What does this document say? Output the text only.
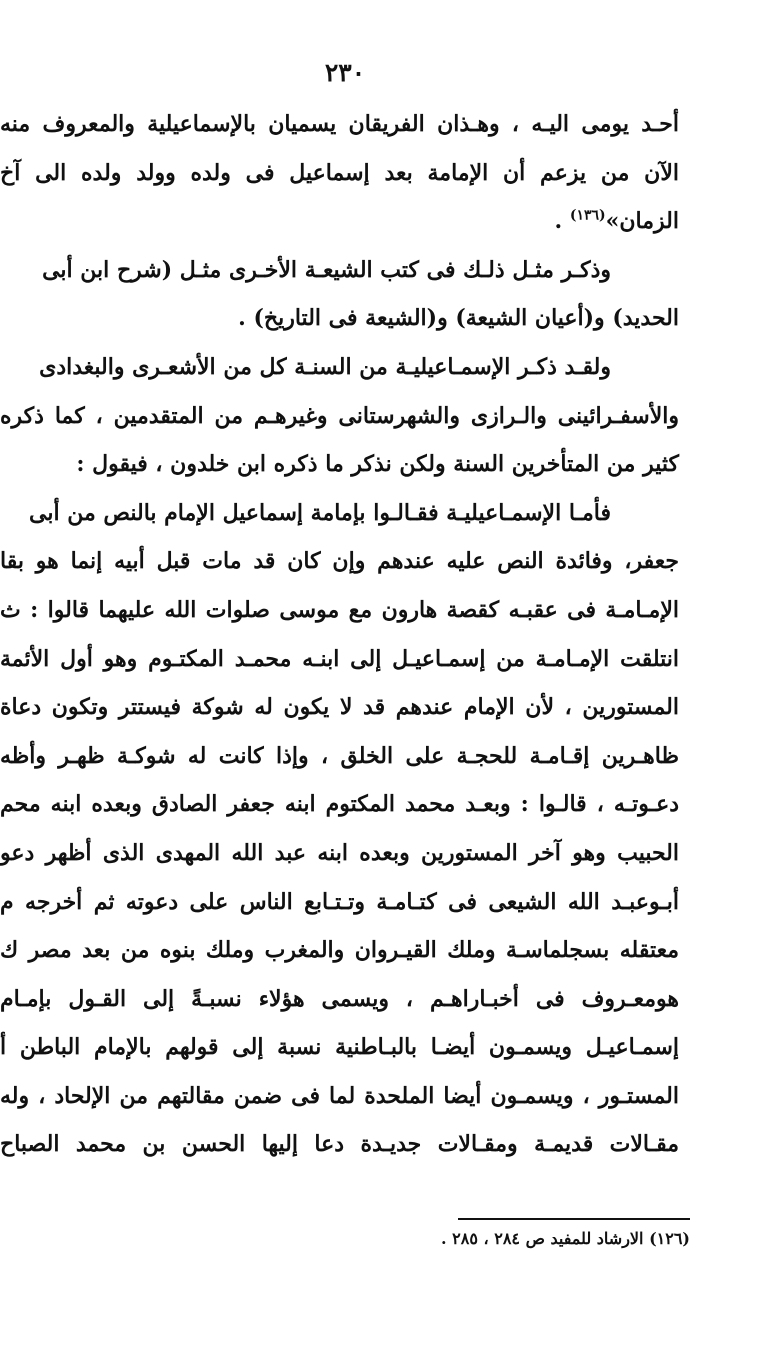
٢٣٠
أحـد يومى اليـه ، وهـذان الفريقان يسميان بالإسماعيلية والمعروف منه
الآن من يزعم أن الإمامة بعد إسماعيل فى ولده وولد ولده الى آخ
الزمان»$^{(١٣٦)}$ .
وذكـر مثـل ذلـك فى كتب الشيعـة الأخـرى مثـل (شرح ابن أبى
الحديد) و(أعيان الشيعة) و(الشيعة فى التاريخ) .
ولقـد ذكـر الإسمـاعيليـة من السنـة كل من الأشعـرى والبغدادى
والأسفـرائينى والـرازى والشهرستانى وغيرهـم من المتقدمين ، كما ذكره
كثير من المتأخرين السنة ولكن نذكر ما ذكره ابن خلدون ، فيقول :
فأمـا الإسمـاعيليـة فقـالـوا بإمامة إسماعيل الإمام بالنص من أبى
جعفر، وفائدة النص عليه عندهم وإن كان قد مات قبل أبيه إنما هو بقا
الإمـامـة فى عقبـه كقصة هارون مع موسى صلوات الله عليهما قالوا : ث
انتلقت الإمـامـة من إسمـاعيـل إلى ابنـه محمـد المكتـوم وهو أول الأئمة
المستورين ، لأن الإمام عندهم قد لا يكون له شوكة فيستتر وتكون دعاة
ظاهـرين إقـامـة للحجـة على الخلق ، وإذا كانت له شوكـة ظهـر وأظه
دعـوتـه ، قالـوا : وبعـد محمد المكتوم ابنه جعفر الصادق وبعده ابنه محم
الحبيب وهو آخر المستورين وبعده ابنه عبد الله المهدى الذى أظهر دعو
أبـوعبـد الله الشيعى فى كتـامـة وتـتـابع الناس على دعوته ثم أخرجه م
معتقله بسجلماسـة وملك القيـروان والمغرب وملك بنوه من بعد مصر ك
هومعـروف فى أخبـاراهـم ، ويسمى هؤلاء نسبـةً إلى القـول بإمـام
إسمـاعيـل ويسمـون أيضـا بالبـاطنية نسبة إلى قولهم بالإمام الباطن أ
المستـور ، ويسمـون أيضا الملحدة لما فى ضمن مقالتهم من الإلحاد ، وله
مقـالات قديمـة ومقـالات جديـدة دعا إليها الحسن بن محمد الصباح
(١٢٦) الارشاد للمفيد ص ٢٨٤ ، ٢٨٥ .
